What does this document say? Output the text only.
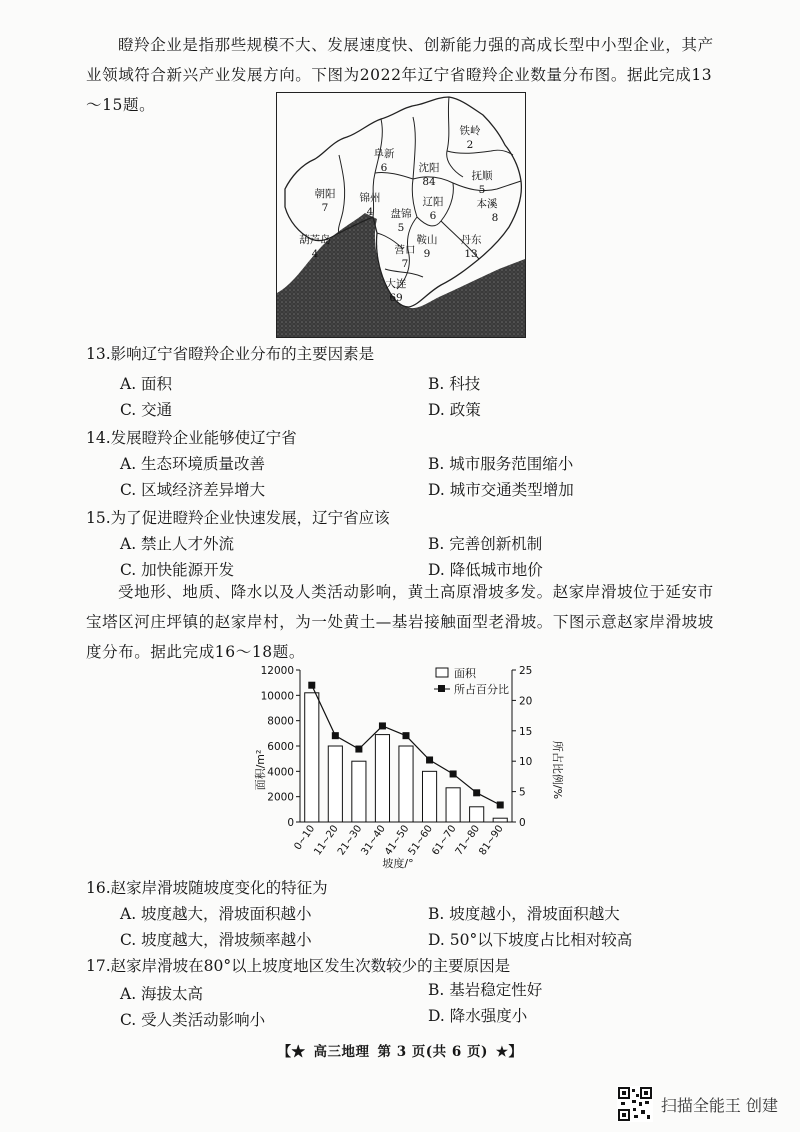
瞪羚企业是指那些规模不大、发展速度快、创新能力强的高成长型中小型企业，其产业领域符合新兴产业发展方向。下图为2022年辽宁省瞪羚企业数量分布图。据此完成13～15题。
铁岭
2
阜新
6	沈阳
84	抚顺
5
朝阳
7
锦州
4
辽阳
6
本溪
8
盘锦
5
鞍山
9
葫芦岛
4	营口
7
丹东
13
大连
69
13.影响辽宁省瞪羚企业分布的主要因素是
A. 面积	B. 科技
C. 交通	D. 政策
14.发展瞪羚企业能够使辽宁省
A. 生态环境质量改善	B. 城市服务范围缩小
C. 区域经济差异增大	D. 城市交通类型增加
15.为了促进瞪羚企业快速发展，辽宁省应该
A. 禁止人才外流	B. 完善创新机制
C. 加快能源开发	D. 降低城市地价
受地形、地质、降水以及人类活动影响，黄土高原滑坡多发。赵家岸滑坡位于延安市宝塔区河庄坪镇的赵家岸村，为一处黄土—基岩接触面型老滑坡。下图示意赵家岸滑坡坡度分布。据此完成16～18题。
0
2000
4000
6000
8000
10000
12000
0
5
10
15
20
25
0~10
11~20
21~30
31~40
41~50
51~60
61~70
71~80
81~90
面积
所占百分比
面积/m²	所占比例/%
坡度/°
16.赵家岸滑坡随坡度变化的特征为
A. 坡度越大，滑坡面积越小	B. 坡度越小，滑坡面积越大
C. 坡度越大，滑坡频率越小	D. 50°以下坡度占比相对较高
17.赵家岸滑坡在80°以上坡度地区发生次数较少的主要原因是
A. 海拔太高	B. 基岩稳定性好
C. 受人类活动影响小	D. 降水强度小
【★ 高三地理 第 3 页(共 6 页) ★】
扫描全能王 创建
